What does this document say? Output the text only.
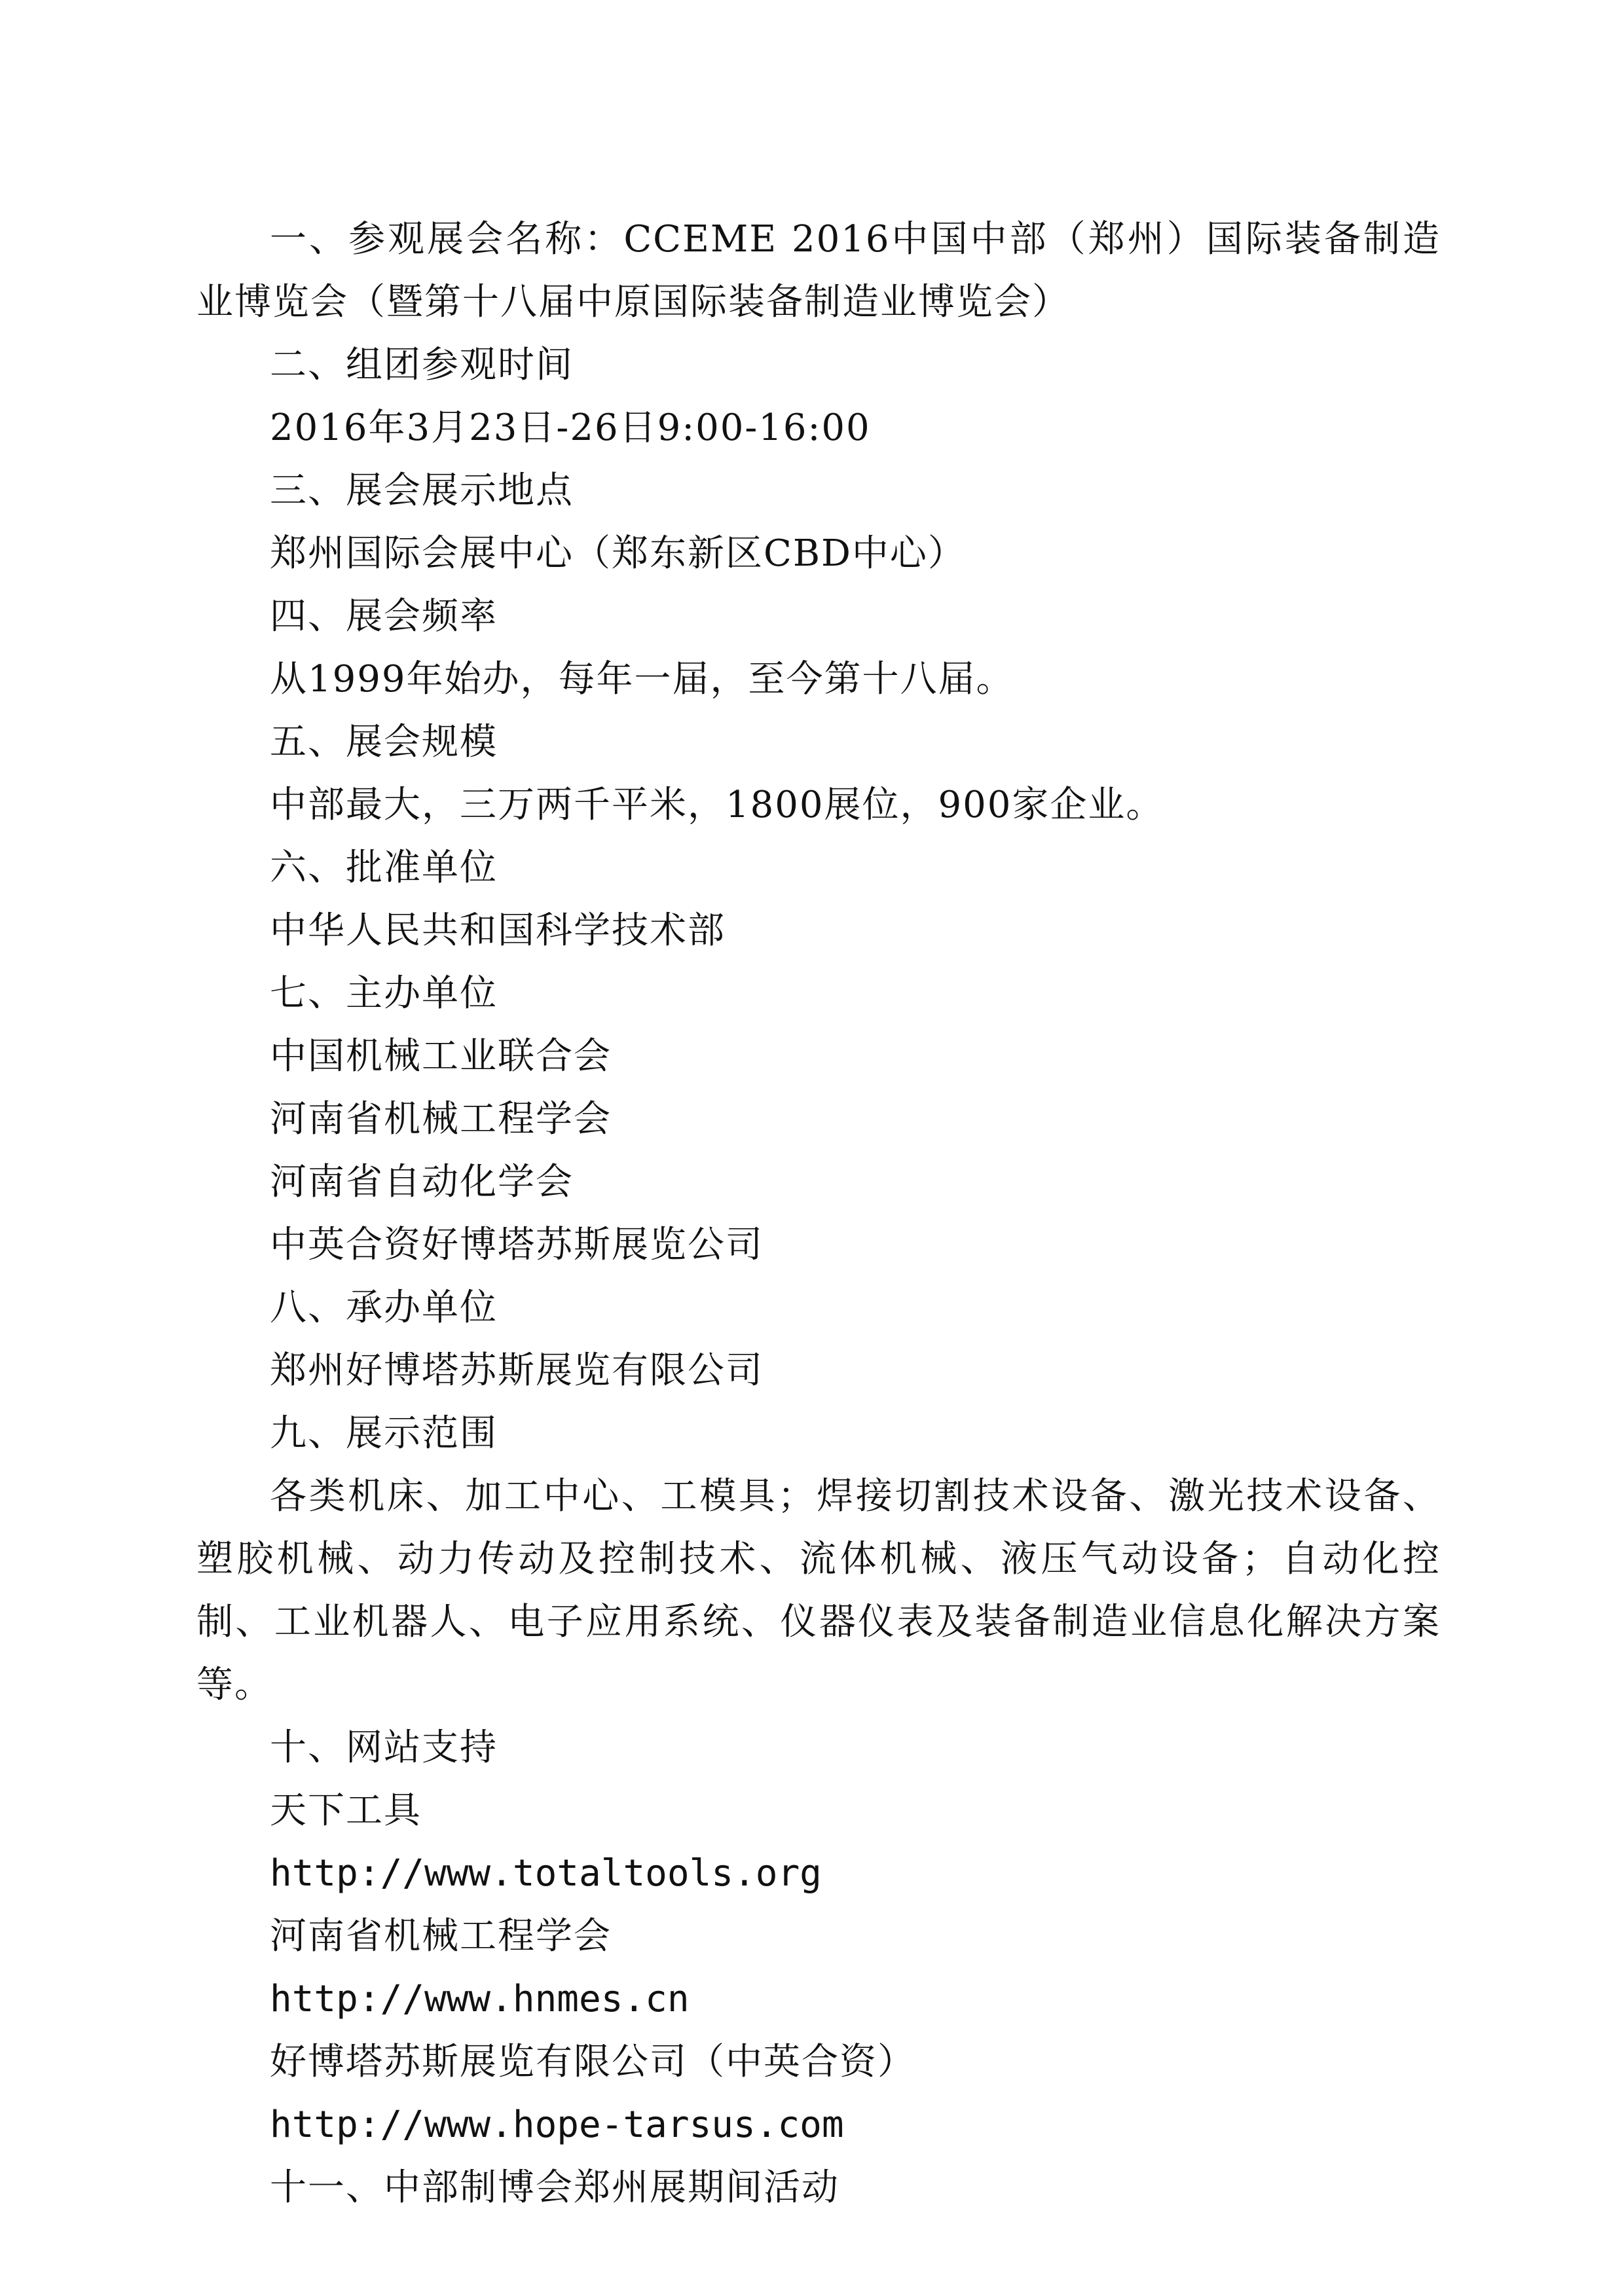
一、参观展会名称：CCEME 2016中国中部（郑州）国际装备制造业博览会（暨第十八届中原国际装备制造业博览会）
二、组团参观时间
2016年3月23日-26日9:00-16:00
三、展会展示地点
郑州国际会展中心（郑东新区CBD中心）
四、展会频率
从1999年始办，每年一届，至今第十八届。
五、展会规模
中部最大，三万两千平米，1800展位，900家企业。
六、批准单位
中华人民共和国科学技术部
七、主办单位
中国机械工业联合会
河南省机械工程学会
河南省自动化学会
中英合资好博塔苏斯展览公司
八、承办单位
郑州好博塔苏斯展览有限公司
九、展示范围
各类机床、加工中心、工模具；焊接切割技术设备、激光技术设备、塑胶机械、动力传动及控制技术、流体机械、液压气动设备；自动化控制、工业机器人、电子应用系统、仪器仪表及装备制造业信息化解决方案等。
十、网站支持
天下工具
http://www.totaltools.org
河南省机械工程学会
http://www.hnmes.cn
好博塔苏斯展览有限公司（中英合资）
http://www.hope-tarsus.com
十一、中部制博会郑州展期间活动
